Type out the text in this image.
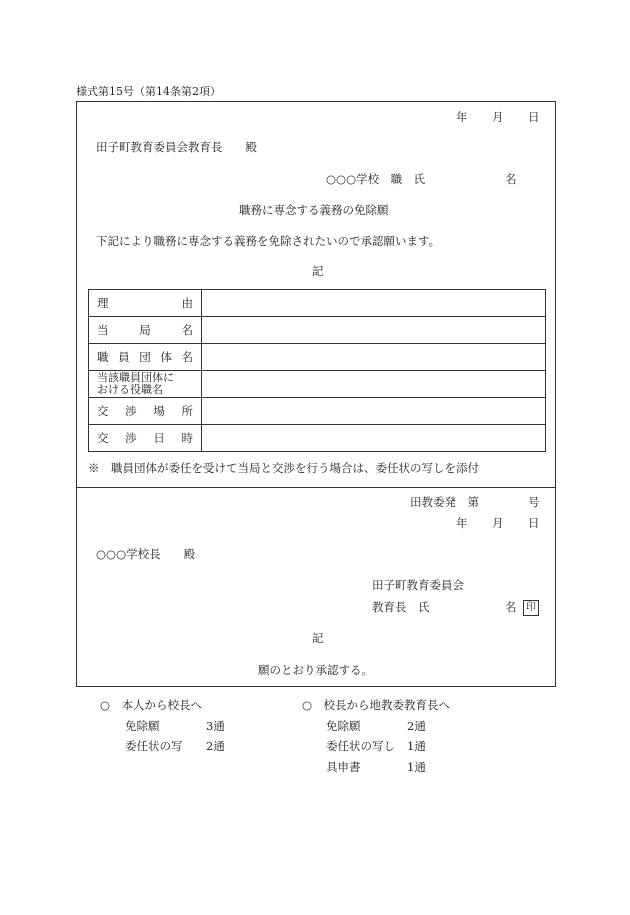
様式第15号（第14条第2項）
年 月 日
田子町教育委員会教育長　　殿
○○○学校　職　氏	名
職務に専念する義務の免除願
下記により職務に専念する義務を免除されたいので承認願います。
記
理 由	

当 局 名	

職 員 団 体 名	

当該職員団体に
おける役職名	

交 渉 場 所	

交 渉 日 時	

※　職員団体が委任を受けて当局と交渉を行う場合は、委任状の写しを添付
田教委発　第	号
年 月 日
○○○学校長　　殿
田子町教育委員会
教育長　氏	名 印
記
願のとおり承認する。
○　本人から校長へ
免除願	3通
委任状の写 2通
○　校長から地教委教育長へ
免除願	2通
委任状の写し 1通
具申書	1通
